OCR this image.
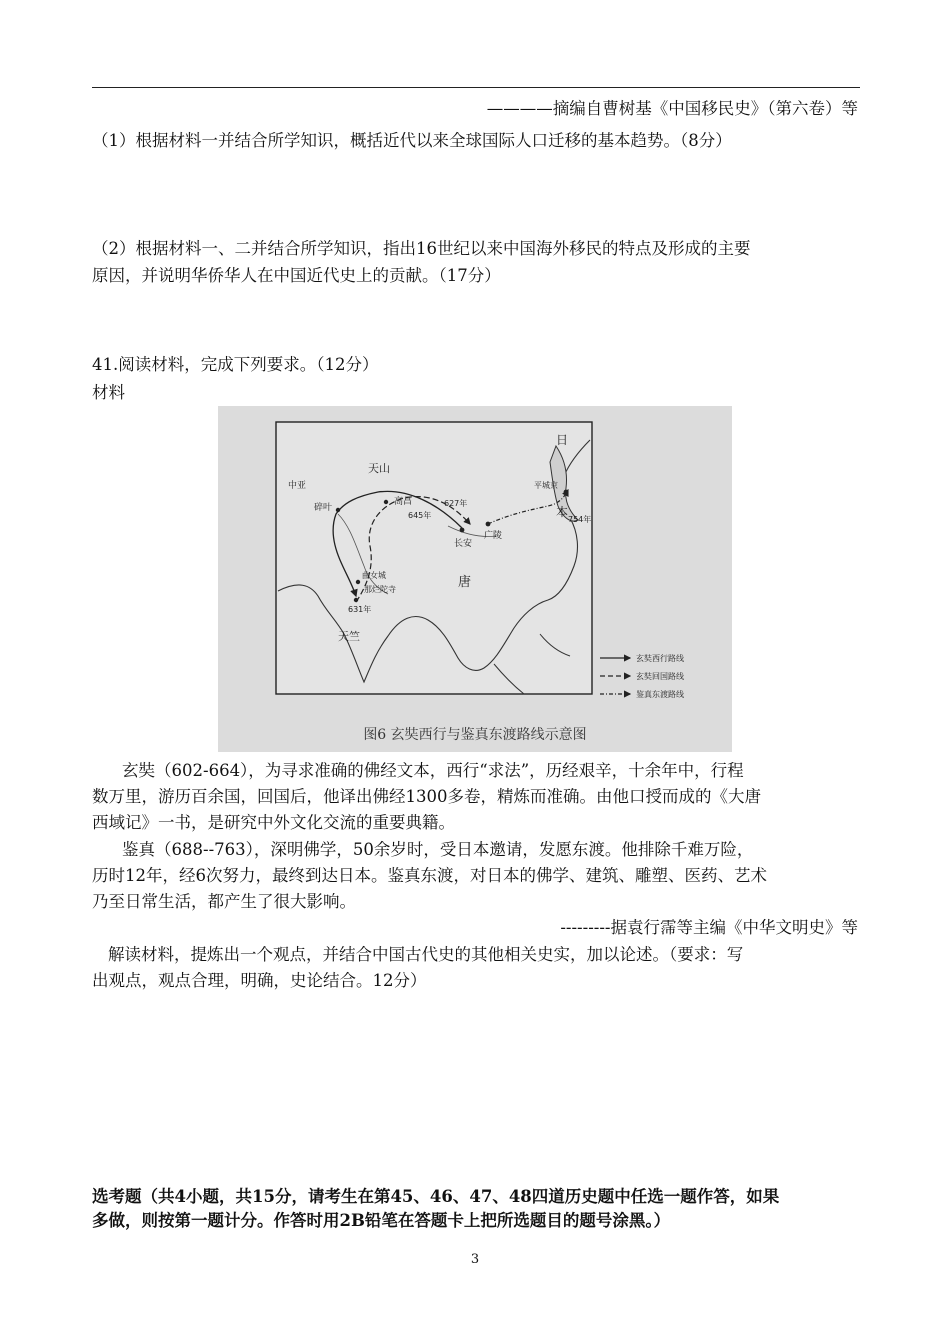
————摘编自曹树基《中国移民史》（第六卷）等
（1）根据材料一并结合所学知识，概括近代以来全球国际人口迁移的基本趋势。（8分）
（2）根据材料一、二并结合所学知识，指出16世纪以来中国海外移民的特点及形成的主要
原因，并说明华侨华人在中国近代史上的贡献。（17分）
41.阅读材料，完成下列要求。（12分）
材料
中亚
天山
碎叶
高昌
645年
627年
长安
广陵
唐
天竺
曲女城
那烂陀寺
631年
日
本
平城京
754年
玄奘西行路线
玄奘回国路线
鉴真东渡路线
图6 玄奘西行与鉴真东渡路线示意图
玄奘（602-664），为寻求准确的佛经文本，西行“求法”，历经艰辛，十余年中，行程
数万里，游历百余国，回国后，他译出佛经1300多卷，精炼而准确。由他口授而成的《大唐
西域记》一书，是研究中外文化交流的重要典籍。
鉴真（688--763），深明佛学，50余岁时，受日本邀请，发愿东渡。他排除千难万险，
历时12年，经6次努力，最终到达日本。鉴真东渡，对日本的佛学、建筑、雕塑、医药、艺术
乃至日常生活，都产生了很大影响。
---------据袁行霈等主编《中华文明史》等
解读材料，提炼出一个观点，并结合中国古代史的其他相关史实，加以论述。（要求：写
出观点，观点合理，明确，史论结合。12分）
选考题（共4小题，共15分，请考生在第45、46、47、48四道历史题中任选一题作答，如果
多做，则按第一题计分。作答时用2B铅笔在答题卡上把所选题目的题号涂黑。）
3
